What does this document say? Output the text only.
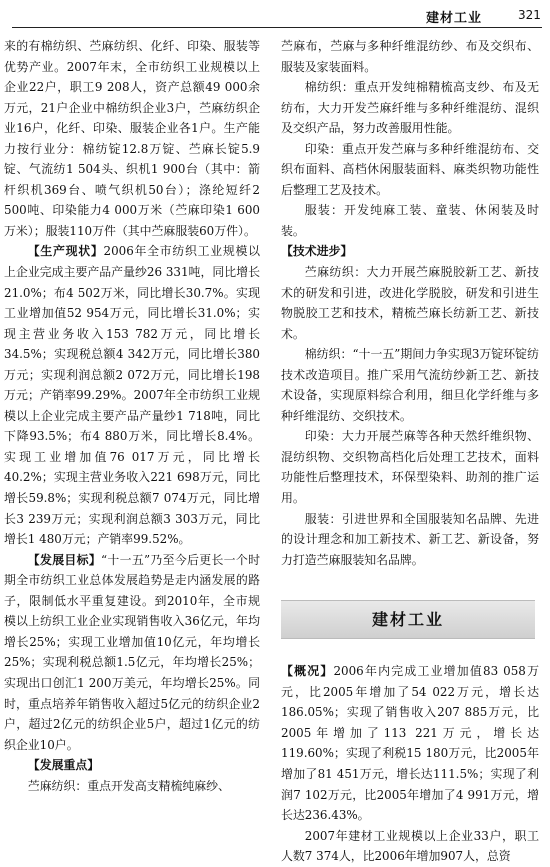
建材工业	321

来的有棉纺织、苎麻纺织、化纤、印染、服装等优势产业。2007年末，全市纺织工业规模以上企业22户，职工9 208人，资产总额49 000余万元，21户企业中棉纺织企业3户，苎麻纺织企业16户，化纤、印染、服装企业各1户。生产能力按行业分：棉纺锭12.8万锭、苎麻长锭5.9锭、气流纺1 504头、织机1 900台（其中：箭杆织机369台、喷气织机50台）；涤纶短纤2 500吨、印染能力4 000万米（苎麻印染1 600万米）；服装110万件（其中苎麻服装60万件）。

【生产现状】2006年全市纺织工业规模以上企业完成主要产品产量纱26 331吨，同比增长21.0%；布4 502万米，同比增长30.7%。实现工业增加值52 954万元，同比增长31.0%；实现主营业务收入153 782万元，同比增长34.5%；实现税总额4 342万元，同比增长380万元；实现利润总额2 072万元，同比增长198万元；产销率99.29%。2007年全市纺织工业规模以上企业完成主要产品产量纱1 718吨，同比下降93.5%；布4 880万米，同比增长8.4%。实现工业增加值76 017万元，同比增长40.2%；实现主营业务收入221 698万元，同比增长59.8%；实现利税总额7 074万元，同比增长3 239万元；实现利润总额3 303万元，同比增长1 480万元；产销率99.52%。

【发展目标】“十一五”乃至今后更长一个时期全市纺织工业总体发展趋势是走内涵发展的路子，限制低水平重复建设。到2010年，全市规模以上纺织工业企业实现销售收入36亿元，年均增长25%；实现工业增加值10亿元，年均增长25%；实现利税总额1.5亿元，年均增长25%；实现出口创汇1 200万美元，年均增长25%。同时，重点培养年销售收入超过5亿元的纺织企业2户，超过2亿元的纺织企业5户，超过1亿元的纺织企业10户。

【发展重点】

苎麻纺织：重点开发高支精梳纯麻纱、

苎麻布，苎麻与多种纤维混纺纱、布及交织布、服装及家装面料。

棉纺织：重点开发纯棉精梳高支纱、布及无纺布，大力开发苎麻纤维与多种纤维混纺、混织及交织产品，努力改善服用性能。

印染：重点开发苎麻与多种纤维混纺布、交织布面料、高档休闲服装面料、麻类织物功能性后整理工艺及技术。

服装：开发纯麻工装、童装、休闲装及时装。

【技术进步】

苎麻纺织：大力开展苎麻脱胶新工艺、新技术的研发和引进，改进化学脱胶，研发和引进生物脱胶工艺和技术，精梳苎麻长纺新工艺、新技术。

棉纺织：“十一五”期间力争实现3万锭环锭纺技术改造项目。推广采用气流纺纱新工艺、新技术设备，实现原料综合利用，细旦化学纤维与多种纤维混纺、交织技术。

印染：大力开展苎麻等各种天然纤维织物、混纺织物、交织物高档化后处理工艺技术，面料功能性后整理技术，环保型染料、助剂的推广运用。

服装：引进世界和全国服装知名品牌、先进的设计理念和加工新技术、新工艺、新设备，努力打造苎麻服装知名品牌。

建材工业

【概况】2006年内完成工业增加值83 058万元，比2005年增加了54 022万元，增长达186.05%；实现了销售收入207 885万元，比2005年增加了113 221万元，增长达119.60%；实现了利税15 180万元，比2005年增加了81 451万元，增长达111.5%；实现了利润7 102万元，比2005年增加了4 991万元，增长达236.43%。

2007年建材工业规模以上企业33户，职工人数7 374人，比2006年增加907人，总资
